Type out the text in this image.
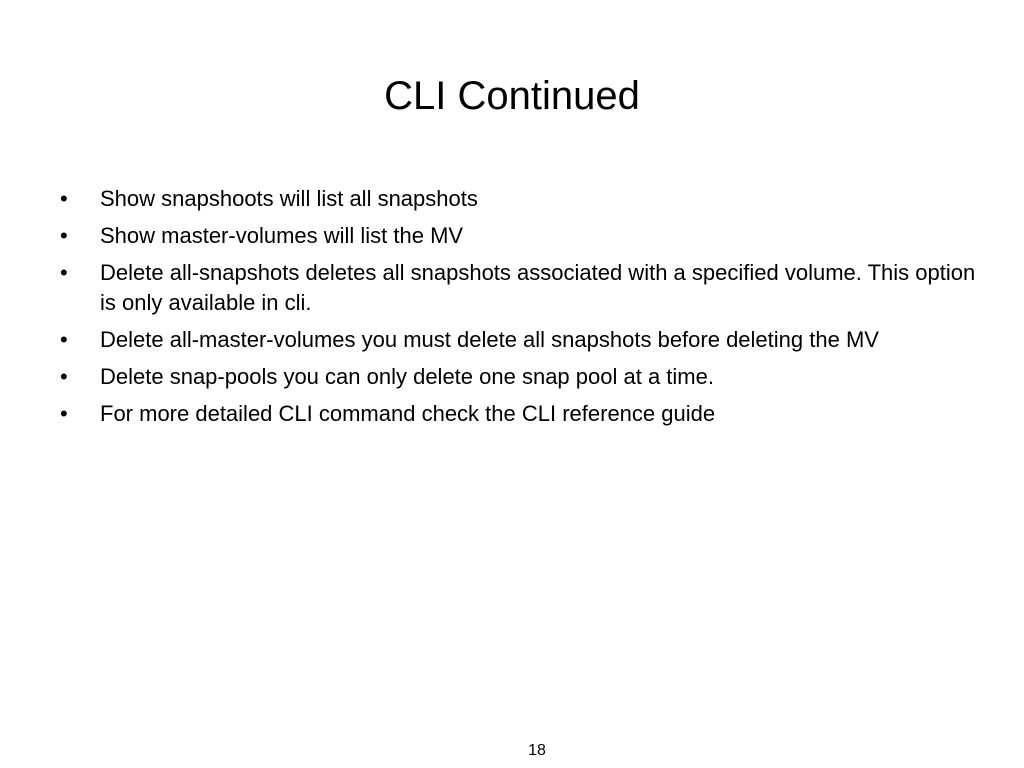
CLI Continued
•	Show snapshoots will list all snapshots
•	Show master-volumes will list the MV
•	Delete all-snapshots deletes all snapshots associated with a specified volume. This option is only available in cli.
•	Delete all-master-volumes you must delete all snapshots before deleting the MV
•	Delete snap-pools you can only delete one snap pool at a time.
•	For more detailed CLI command check the CLI reference guide
18
